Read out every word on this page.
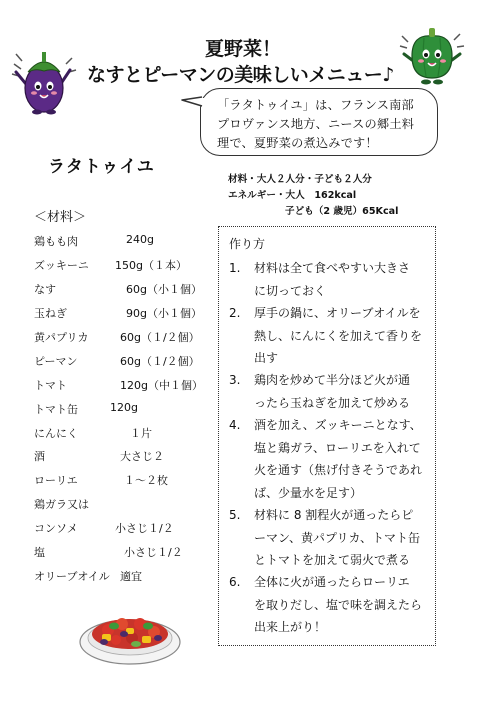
夏野菜！
なすとピーマンの美味しいメニュー♪
「ラタトゥイユ」は、フランス南部
プロヴァンス地方、ニースの郷土料
理で、夏野菜の煮込みです！
ラタトゥイユ
材料・大人２人分・子ども２人分
エネルギー・大人　162kcal
子ども（2 歳児）65Kcal
＜材料＞
鶏もも肉	240g
ズッキーニ 150g（１本）
なす	60g（小１個）
玉ねぎ	90g（小１個）
黄パプリカ	60g（１/２個）
ピーマン	60g（１/２個）
トマト	120g（中１個）
トマト缶	120g
にんにく	１片
酒	大さじ２
ローリエ	１～２枚
鶏ガラ又は
コンソメ	小さじ１/２
塩	小さじ１/２
オリーブオイル 適宜
作り方
1.	材料は全て食べやすい大きさ
に切っておく
2.	厚手の鍋に、オリーブオイルを
熱し、にんにくを加えて香りを
出す
3.	鶏肉を炒めて半分ほど火が通
ったら玉ねぎを加えて炒める
4.	酒を加え、ズッキーニとなす、
塩と鶏ガラ、ローリエを入れて
火を通す（焦げ付きそうであれ
ば、少量水を足す）
5.	材料に 8 割程火が通ったらピ
ーマン、黄パプリカ、トマト缶
とトマトを加えて弱火で煮る
6.	全体に火が通ったらローリエ
を取りだし、塩で味を調えたら
出来上がり！
